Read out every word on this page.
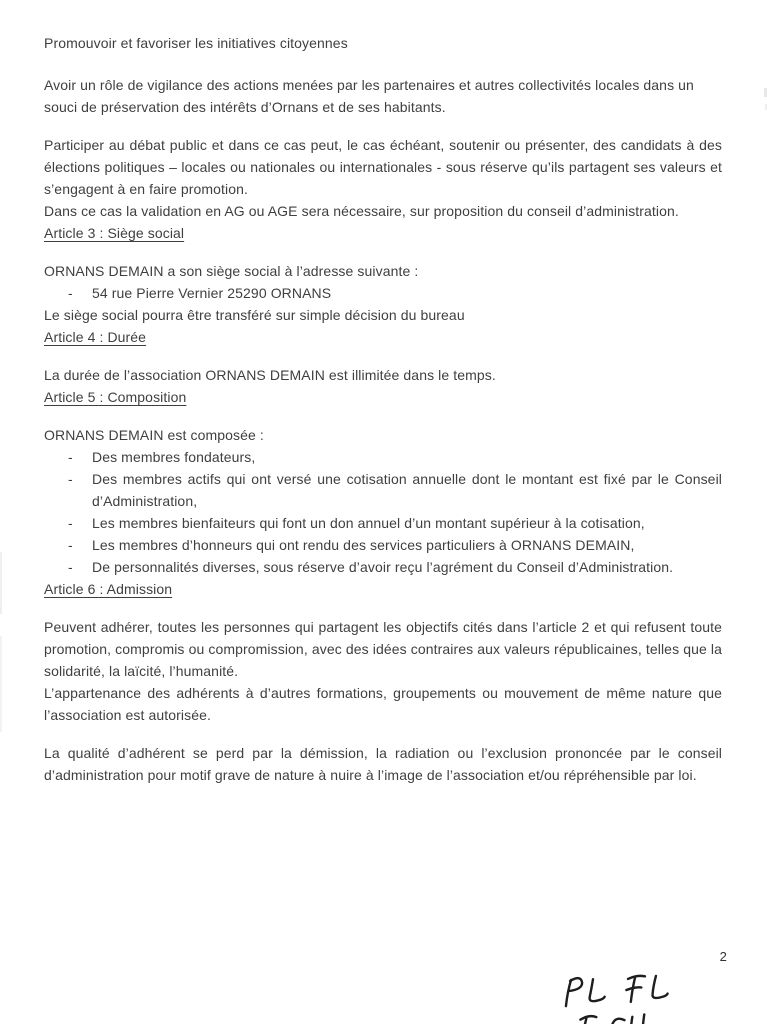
Promouvoir et favoriser les initiatives citoyennes

Avoir un rôle de vigilance des actions menées par les partenaires et autres collectivités locales dans un souci de préservation des intérêts d’Ornans et de ses habitants.

Participer au débat public et dans ce cas peut, le cas échéant, soutenir ou présenter, des candidats à des élections politiques – locales ou nationales ou internationales - sous réserve qu’ils partagent ses valeurs et s’engagent à en faire promotion.

Dans ce cas la validation en AG ou AGE sera nécessaire, sur proposition du conseil d’administration.

Article 3 : Siège social

ORNANS DEMAIN a son siège social à l’adresse suivante :

-	54 rue Pierre Vernier 25290 ORNANS

Le siège social pourra être transféré sur simple décision du bureau

Article 4 : Durée

La durée de l’association ORNANS DEMAIN est illimitée dans le temps.

Article 5 : Composition

ORNANS DEMAIN est composée :

-	Des membres fondateurs,
-	Des membres actifs qui ont versé une cotisation annuelle dont le montant est fixé par le Conseil d’Administration,
-	Les membres bienfaiteurs qui font un don annuel d’un montant supérieur à la cotisation,
-	Les membres d’honneurs qui ont rendu des services particuliers à ORNANS DEMAIN,
-	De personnalités diverses, sous réserve d’avoir reçu l’agrément du Conseil d’Administration.
Article 6 : Admission

Peuvent adhérer, toutes les personnes qui partagent les objectifs cités dans l’article 2 et qui refusent toute promotion, compromis ou compromission, avec des idées contraires aux valeurs républicaines, telles que la solidarité, la laïcité, l’humanité.

L’appartenance des adhérents à d’autres formations, groupements ou mouvement de même nature que l’association est autorisée.

La qualité d’adhérent se perd par la démission, la radiation ou l’exclusion prononcée par le conseil d’administration pour motif grave de nature à nuire à l’image de l’association et/ou répréhensible par loi.

2
